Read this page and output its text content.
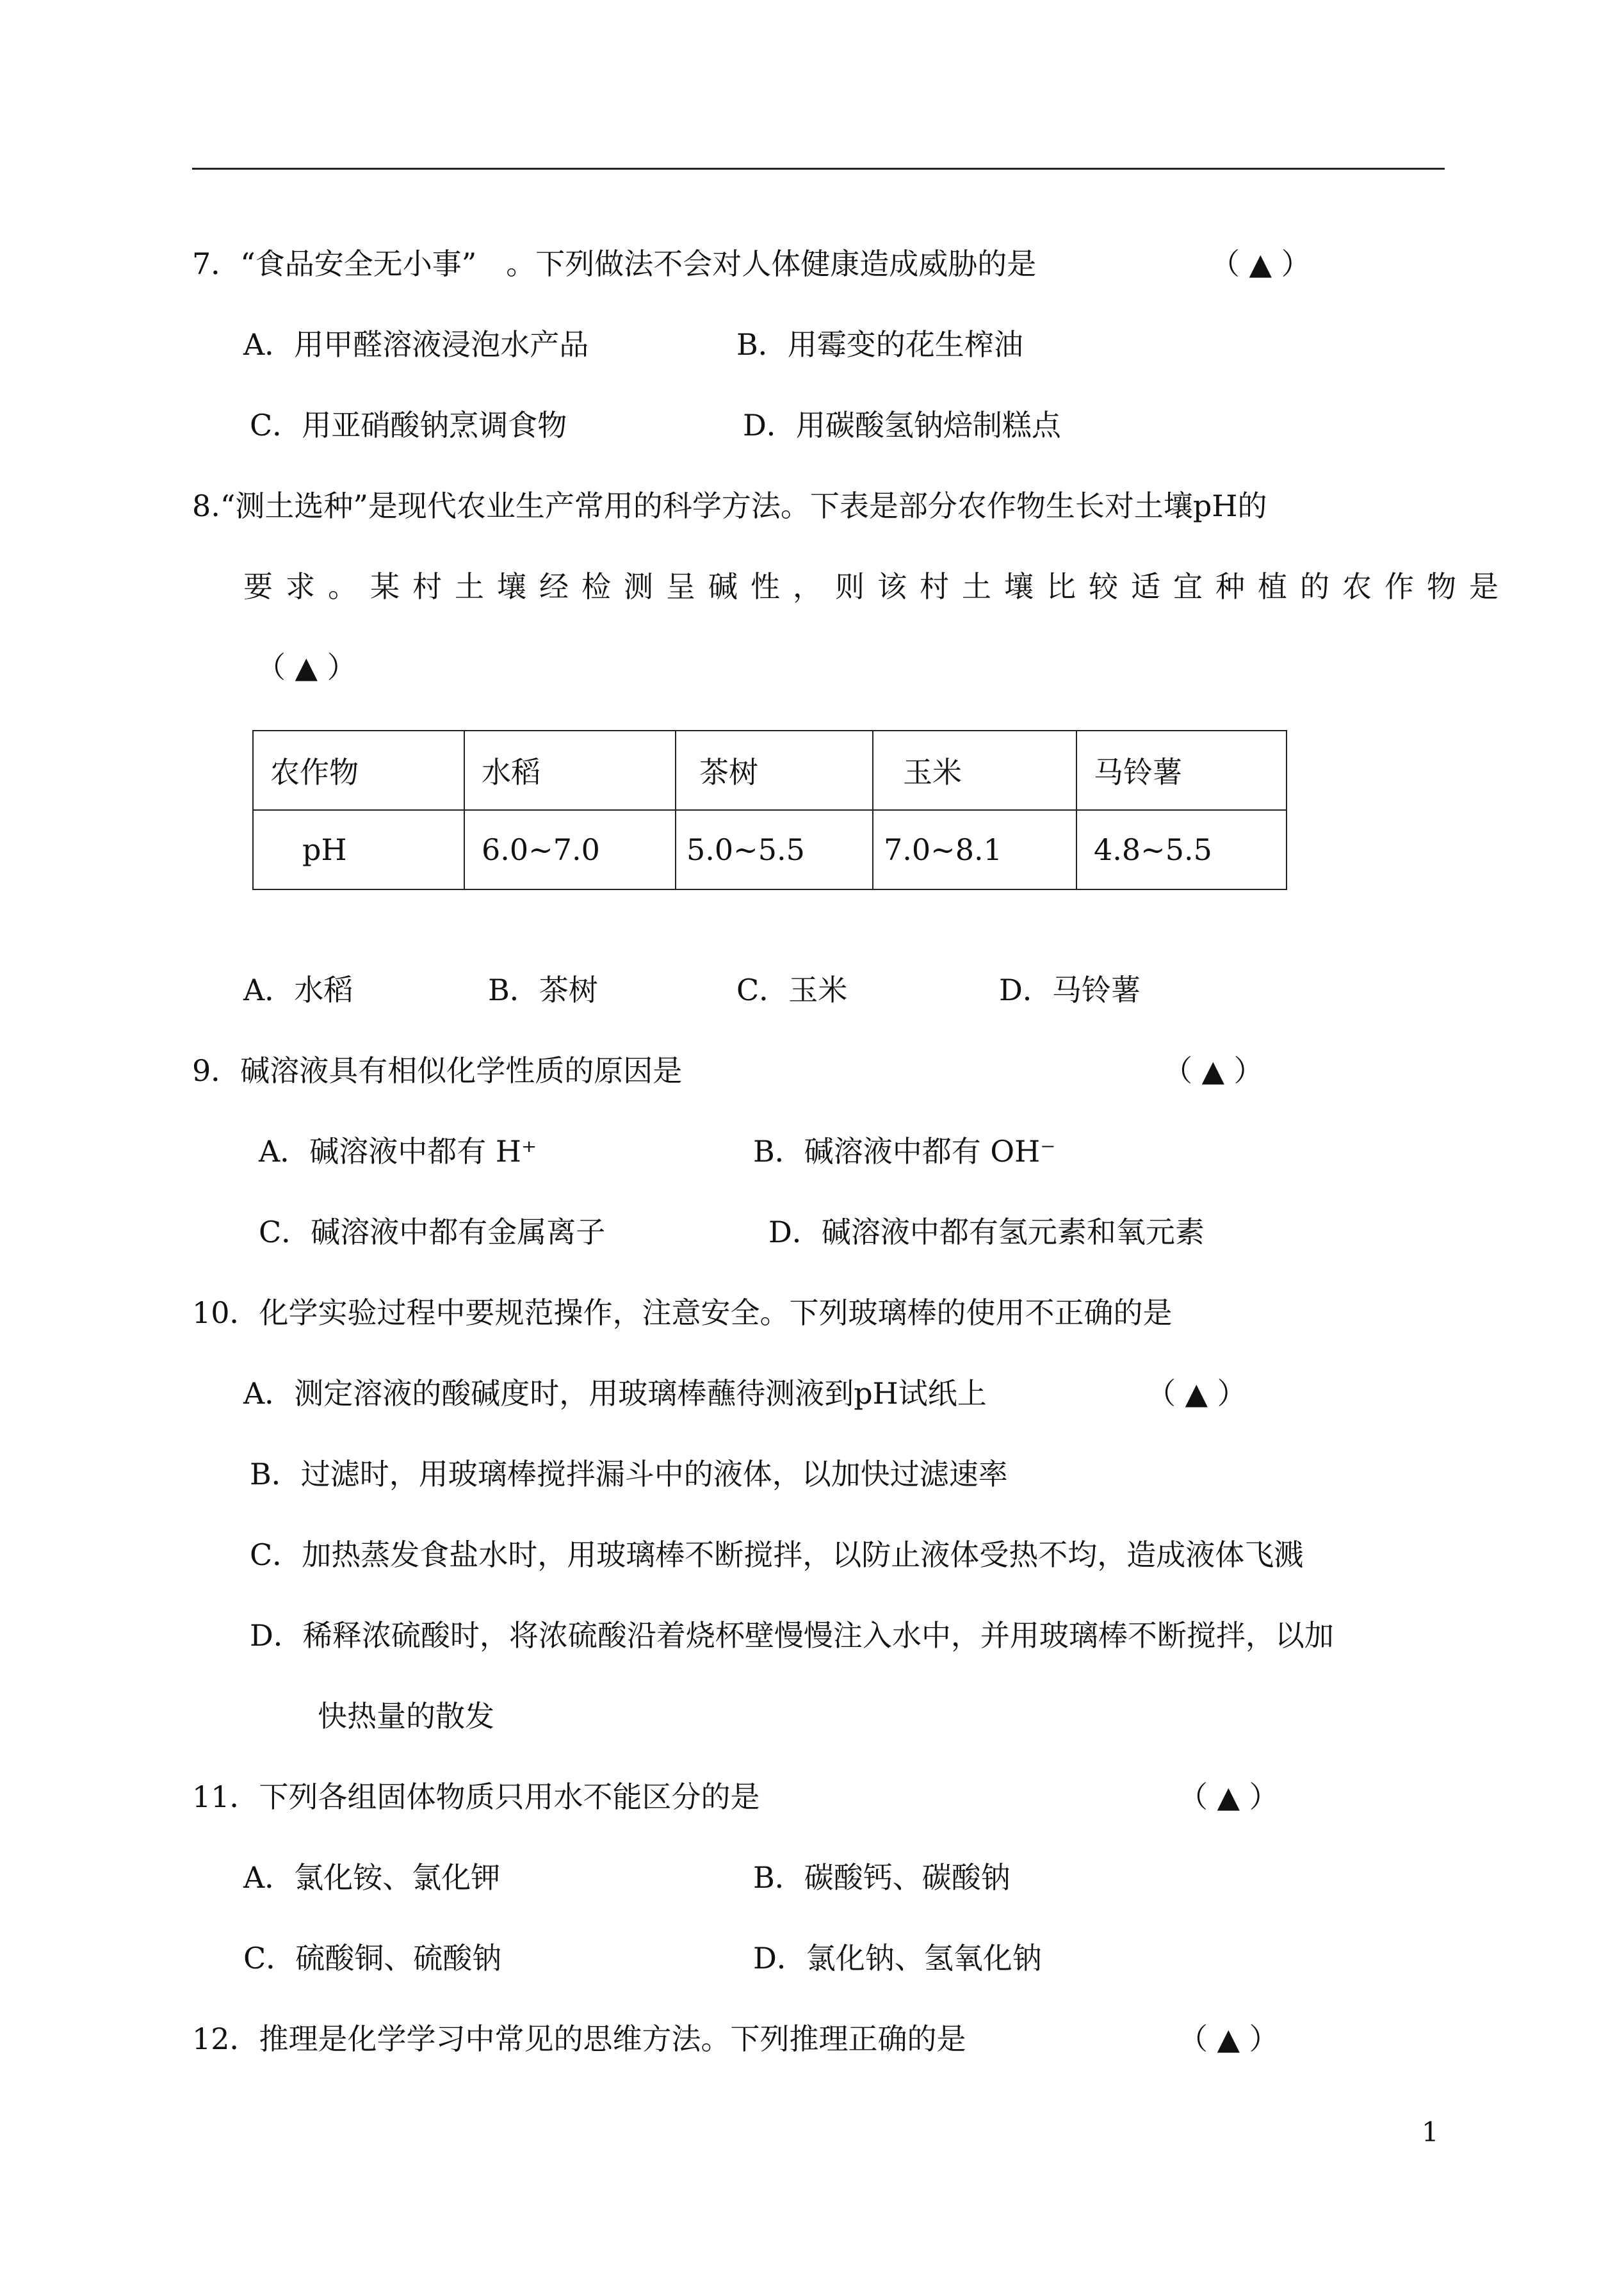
7．“食品安全无小事”　。下列做法不会对人体健康造成威胁的是	（ ▲ ）
A．用甲醛溶液浸泡水产品	B．用霉变的花生榨油
C．用亚硝酸钠烹调食物	D．用碳酸氢钠焙制糕点
8.“测土选种”是现代农业生产常用的科学方法。下表是部分农作物生长对土壤pH的
要求。某村土壤经检测呈碱性，则该村土壤比较适宜种植的农作物是
（ ▲ ）
农作物	水稻	茶树	玉米	马铃薯
pH	6.0~7.0	5.0~5.5	7.0~8.1	4.8~5.5
A．水稻	B．茶树	C．玉米	D．马铃薯
9．碱溶液具有相似化学性质的原因是	（ ▲ ）
A．碱溶液中都有 H⁺	B．碱溶液中都有 OH⁻
C．碱溶液中都有金属离子	D．碱溶液中都有氢元素和氧元素
10．化学实验过程中要规范操作，注意安全。下列玻璃棒的使用不正确的是
A．测定溶液的酸碱度时，用玻璃棒蘸待测液到pH试纸上	（ ▲ ）
B．过滤时，用玻璃棒搅拌漏斗中的液体，以加快过滤速率
C．加热蒸发食盐水时，用玻璃棒不断搅拌，以防止液体受热不均，造成液体飞溅
D．稀释浓硫酸时，将浓硫酸沿着烧杯壁慢慢注入水中，并用玻璃棒不断搅拌，以加
快热量的散发
11．下列各组固体物质只用水不能区分的是	（ ▲ ）
A．氯化铵、氯化钾	B．碳酸钙、碳酸钠
C．硫酸铜、硫酸钠	D．氯化钠、氢氧化钠
12．推理是化学学习中常见的思维方法。下列推理正确的是	（ ▲ ）
1
